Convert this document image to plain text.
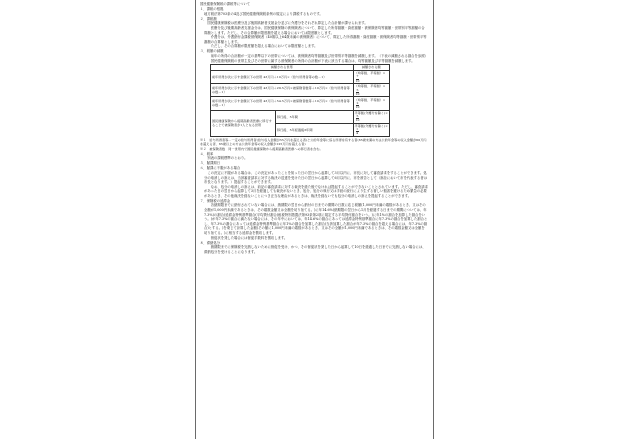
国民健康保険税の課税等について
１．課税の根拠
地方税法第703条の4及び国民健康保険税条例の規定により課税するものです。
２．課税額
　国民健康保険税は医療分及び後期高齢者支援金分並びに介護分をそれぞれ算定した合計額が課せられます。
　　医療分及び後期高齢者支援金分は、国民健康保険の被保険者について、算定した所得割額・資産割額・被保険者均等割額・世帯別平等割額の合算額とします。ただし、その合算額が限度額を超える場合においては限度額とします。
　　介護分は、介護納付金課税被保険者（40歳以上64歳未満の被保険者）について、算定した所得割額・資産割額・被保険者均等割額・世帯別平等割額の合算額とします。
　　ただし、その合算額が限度額を超える場合においては限度額とします。
３．税額の減額
　　前年の所得の合計額が一定の基準以下の世帯については、被保険者均等割額及び世帯別平等割額を減額します。（下表の減額される割合を参照）
　　国民健康保険税の世帯主及びその世帯に属する被保険者の所得の合計額が下表に該当する場合は、均等割額及び平等割額を減額します。
減額される世帯		減額される額
前年所得が次に示す金額以下の世帯 43万円＋10万円×（給与所得者等の数－1）		（均等割、平等割）×
$\frac{7}{10}$

前年所得が次に示す金額以下の世帯 43万円＋29.5万円×被保険者数等＋10万円×（給与所得者等の数－1）		（均等割、平等割）×
$\frac{5}{10}$

前年所得が次に示す金額以下の世帯 43万円＋54.5万円×被保険者数等＋10万円×（給与所得者等の数－1）		（均等割、平等割）×
$\frac{2}{10}$

国民健康保険から後期高齢者医療に移行することで被保険者が1人となる世帯	移行後、5年間	平等割(介護分を除く)×
$\frac{5}{10}$

	移行後、5年経過後3年間	平等割(介護分を除く)×
$\frac{1}{4}$
※１　給与所得者等…一定の給与所得者(給与収入金額が55万円を超える者)と公的年金等に係る所得を有する者(65歳未満の方は公的年金等の収入金額が60万円を超える者、65歳以上の方は公的年金等の収入金額が125万円を超える者)
※２　被保険者数　同一世帯内で国民健康保険から後期高齢者医療への移行者を含む。
４．税率
　別表の課税標準のとおり。
５．賦課期日
６．賦課に不服がある場合
　この決定に不服がある場合は、この決定があったことを知った日の翌日から起算して3月以内に、市長に対して審査請求をすることができます。処分の取消しの訴えは、当該審査請求に対する裁決の送達を受けた日の翌日から起算して6月以内に、市を被告として（訴訟において市を代表する者は市長となります。）提起することができます。
　　なお、処分の取消しの訴えは、前記の審査請求に対する裁決を経た後でなければ提起することができないこととされています。ただし、審査請求があった日の翌日から起算して3月を経過しても裁決がないとき、処分、処分の執行又は手続の続行により生ずる著しい損害を避けるため緊急の必要があるとき、その他裁決を経ないことにつき正当な理由があるときは、裁決を経ないでも処分の取消しの訴えを提起することができます。
７．保険税の延滞金
　　各納期限までに納付されていない場合には、納期限の翌日から納付の日までの期間の日数に応じ税額(1,000円未満の端数があるとき、又はその全額が1,000円未満であるときは、その端数金額又は全額を切り捨てる。)に年14.6%(納期限の翌日から1月を経過する日までの期間については、年7.3%)の割合(延滞金特例基準割合(平均貸付割合(租税特別措置法第93条第2項に規定する平均貸付割合をいう。)に年1%の割合を加算した割合をいう。)が年7.3%の割合に満たない場合には、その年中においては、年14.6%の割合にあっては延滞金特例基準割合に年7.3%の割合を加算した割合とし、年7.3%の割合にあっては延滞金特例基準割合に年1%の割合を加算した割合(当該加算した割合が年7.3%の割合を超える場合には、年7.3%の割合)とする。)を乗じて計算した金額(その額に1,000円未満の端数があるとき、又はその全額が1,000円未満であるときは、その端数金額又は全額を切り捨てる。)に相当する延滞金を徴収します。
　　督促状を発した場合には督促手数料を徴収します。
８．滞納処分
　　納期限までに保険税を完納しないために督促を受け、かつ、その督促状を発した日から起算して10日を経過した日までに完納しない場合には、滞納処分を受けることになります。
